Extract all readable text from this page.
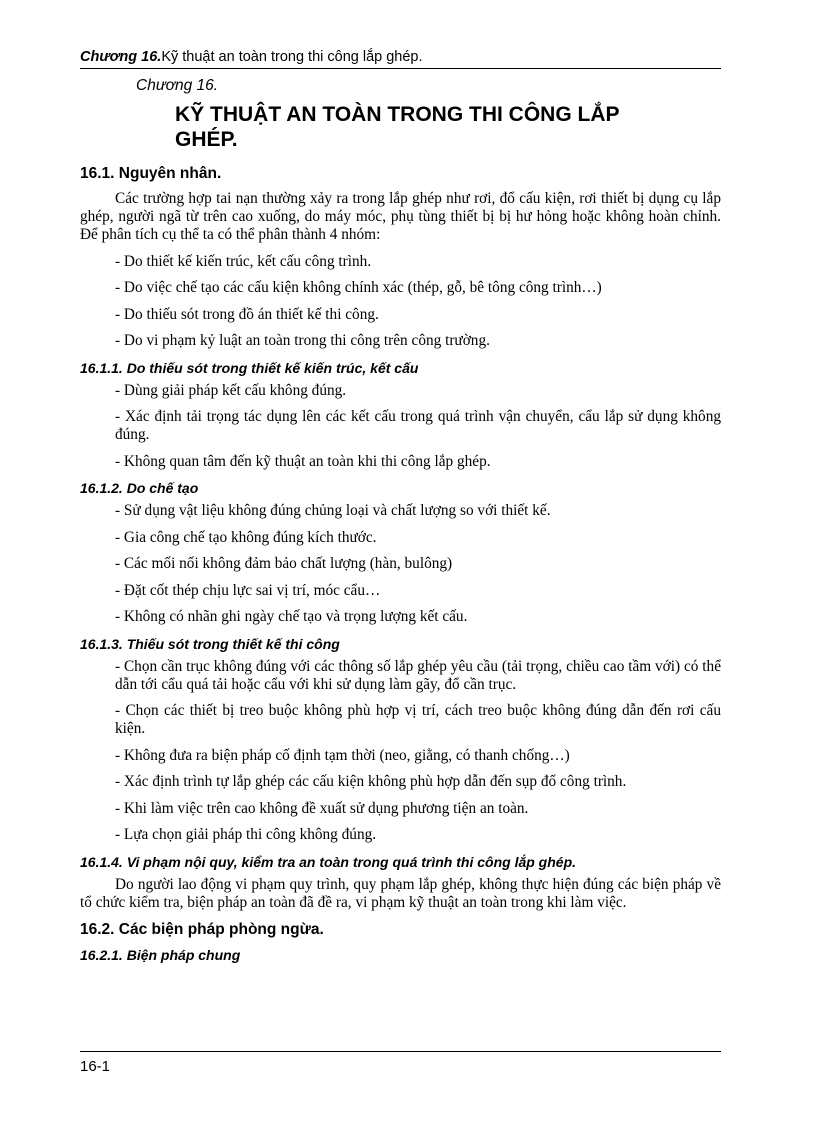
Chương 16.Kỹ thuật an toàn trong thi công lắp ghép.
Chương 16.
KỸ THUẬT AN TOÀN TRONG THI CÔNG LẮP GHÉP.
16.1. Nguyên nhân.

Các trường hợp tai nạn thường xảy ra trong lắp ghép như rơi, đổ cấu kiện, rơi thiết bị dụng cụ lắp ghép, người ngã từ trên cao xuống, do máy móc, phụ tùng thiết bị bị hư hỏng hoặc không hoàn chỉnh. Để phân tích cụ thể ta có thể phân thành 4 nhóm:

- Do thiết kế kiến trúc, kết cấu công trình.

- Do việc chế tạo các cấu kiện không chính xác (thép, gỗ, bê tông công trình…)

- Do thiếu sót trong đồ án thiết kế thi công.

- Do vi phạm kỷ luật an toàn trong thi công trên công trường.

16.1.1. Do thiếu sót trong thiết kế kiến trúc, kết cấu

- Dùng giải pháp kết cấu không đúng.

- Xác định tải trọng tác dụng lên các kết cấu trong quá trình vận chuyển, cẩu lắp sử dụng không đúng.

- Không quan tâm đến kỹ thuật an toàn khi thi công lắp ghép.

16.1.2. Do chế tạo

- Sử dụng vật liệu không đúng chủng loại và chất lượng so với thiết kế.

- Gia công chế tạo không đúng kích thước.

- Các mối nối không đảm bảo chất lượng (hàn, bulông)

- Đặt cốt thép chịu lực sai vị trí, móc cẩu…

- Không có nhãn ghi ngày chế tạo và trọng lượng kết cấu.

16.1.3. Thiếu sót trong thiết kế thi công

- Chọn cần trục không đúng với các thông số lắp ghép yêu cầu (tải trọng, chiều cao tầm với) có thể dẫn tới cẩu quá tải hoặc cẩu với khi sử dụng làm gãy, đổ cần trục.

- Chọn các thiết bị treo buộc không phù hợp vị trí, cách treo buộc không đúng dẫn đến rơi cấu kiện.

- Không đưa ra biện pháp cố định tạm thời (neo, giằng, có thanh chống…)

- Xác định trình tự lắp ghép các cấu kiện không phù hợp dẫn đến sụp đổ công trình.

- Khi làm việc trên cao không đề xuất sử dụng phương tiện an toàn.

- Lựa chọn giải pháp thi công không đúng.

16.1.4. Vi phạm nội quy, kiểm tra an toàn trong quá trình thi công lắp ghép.

Do người lao động vi phạm quy trình, quy phạm lắp ghép, không thực hiện đúng các biện pháp về tổ chức kiểm tra, biện pháp an toàn đã đề ra, vi phạm kỹ thuật an toàn trong khi làm việc.

16.2. Các biện pháp phòng ngừa.
16.2.1. Biện pháp chung
16-1
